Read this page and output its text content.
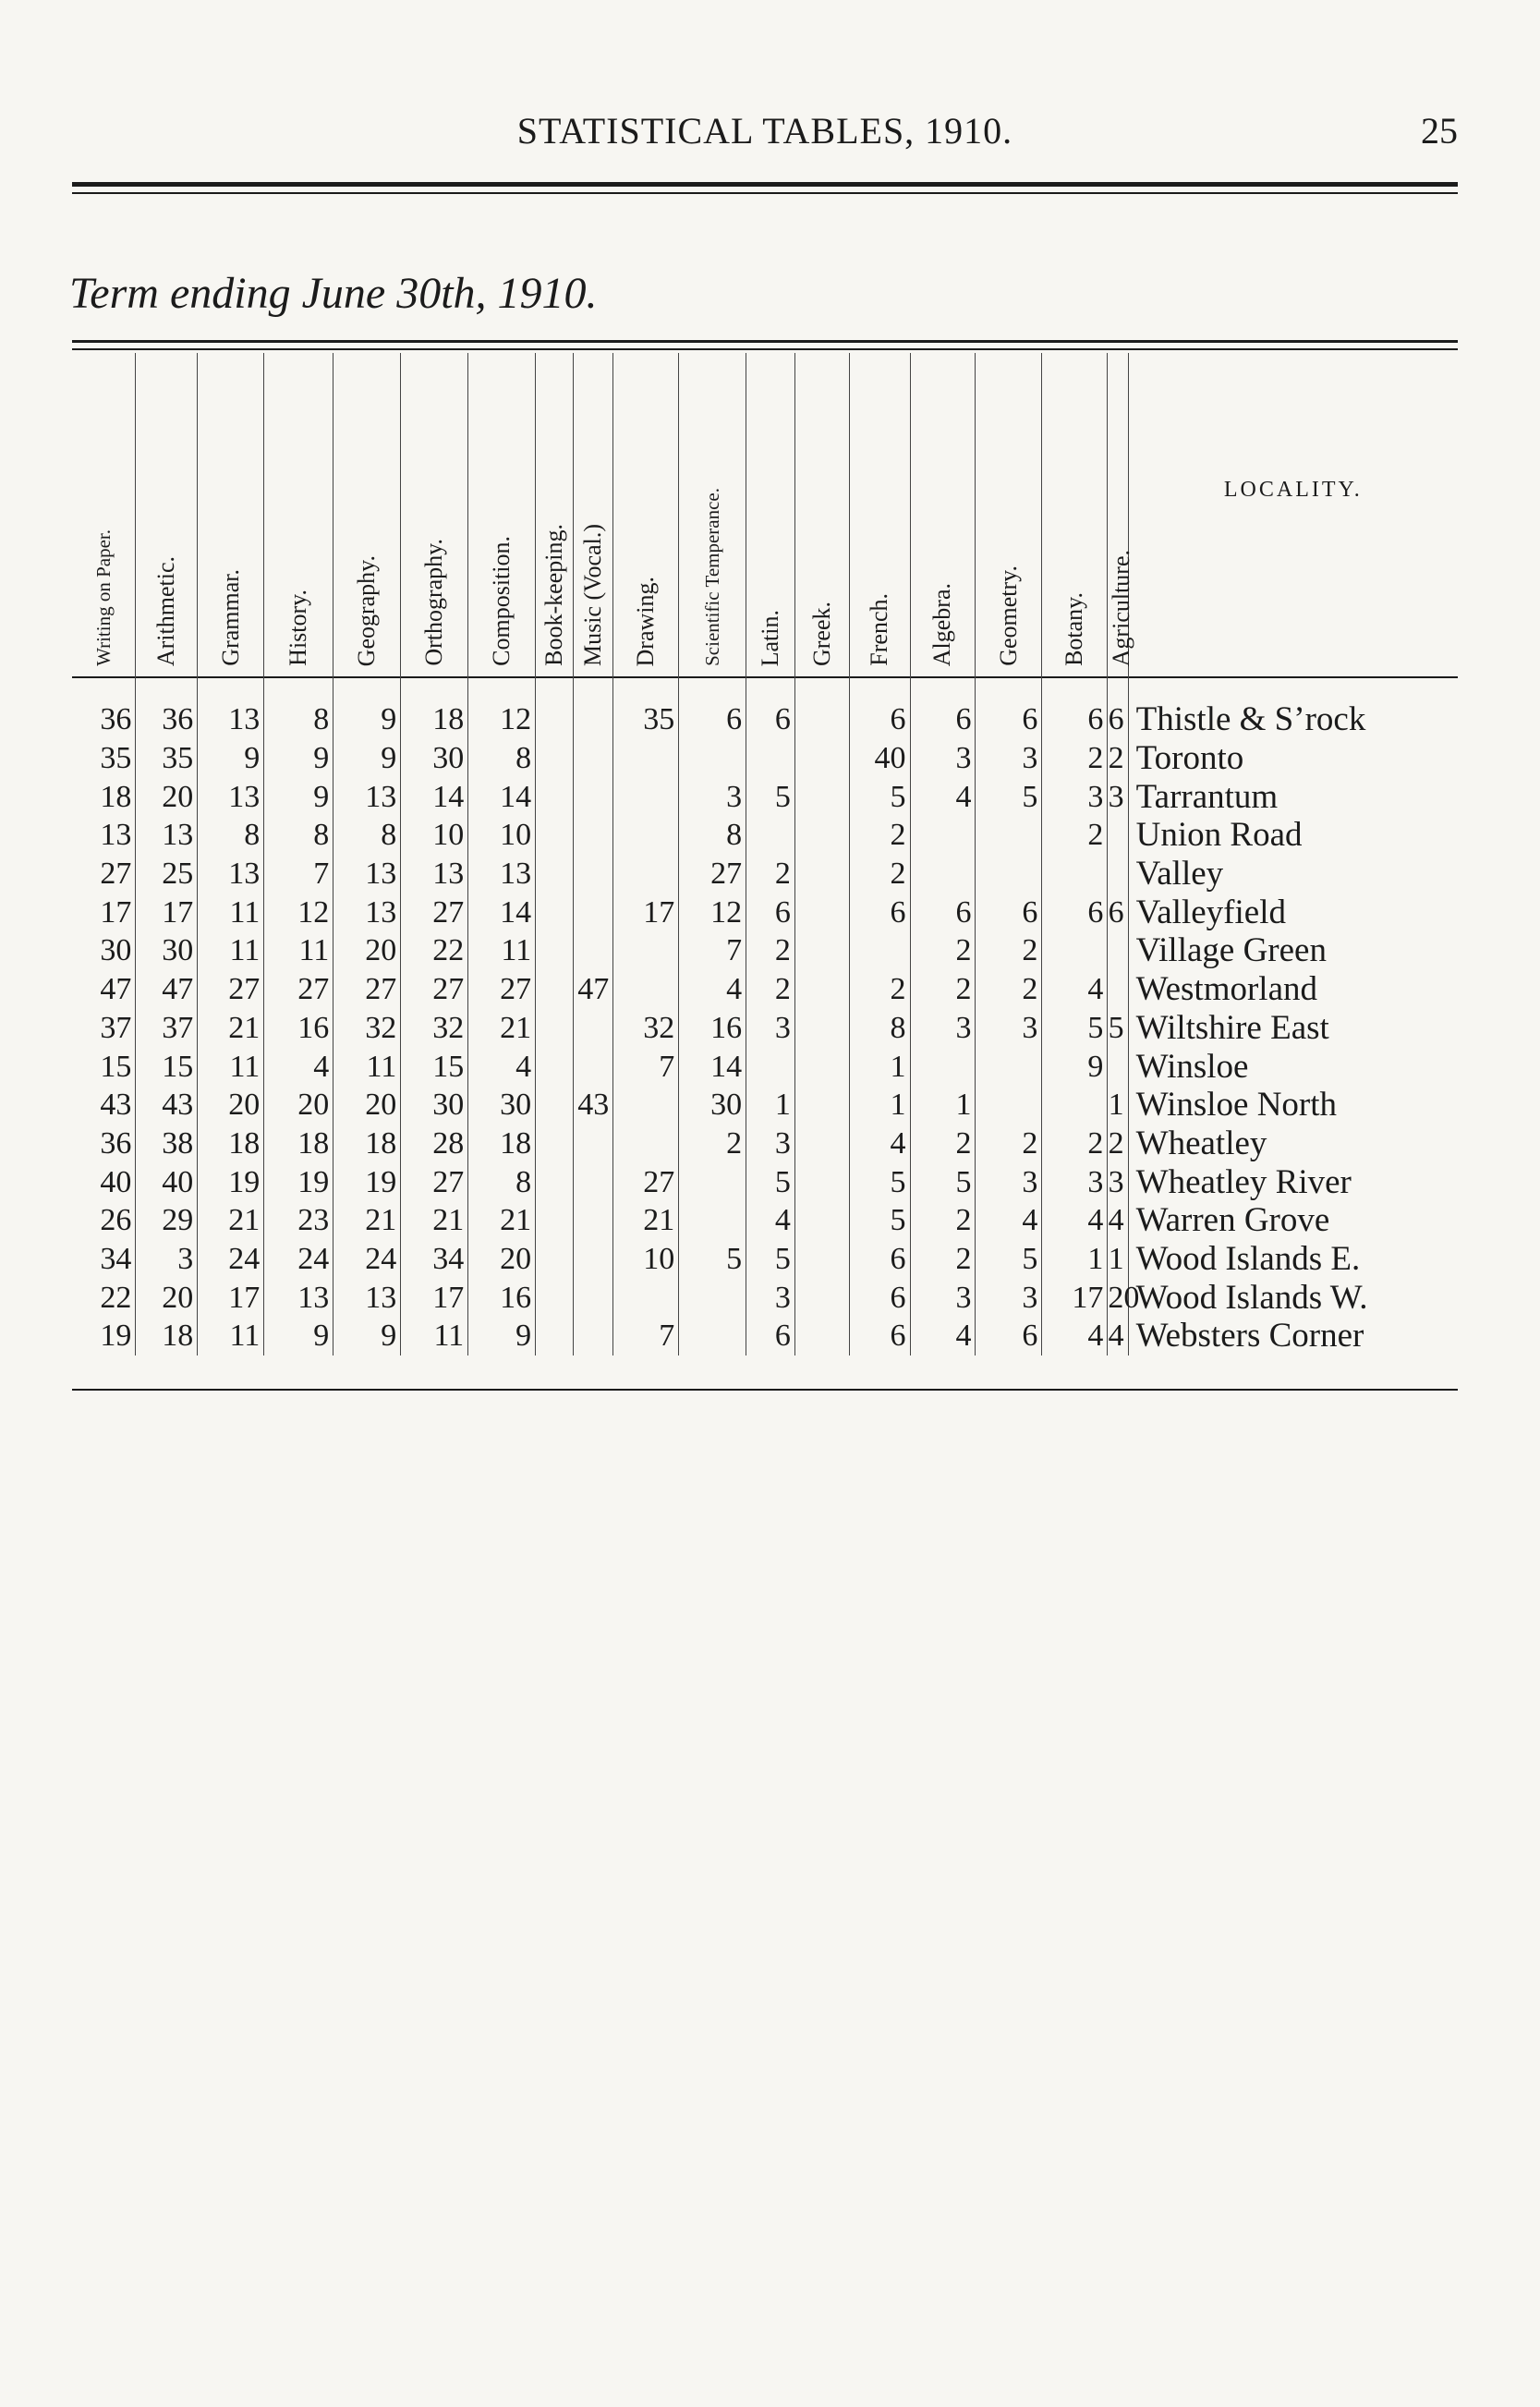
STATISTICAL TABLES, 1910.	25
Term ending June 30th, 1910.
Writing on Paper.	Arithmetic.	Grammar.	History.	Geography.	Orthography.	Composition.	Book-keeping.	Music (Vocal.)	Drawing.	Scientific Temperance.	Latin.	Greek.	French.	Algebra.	Geometry.	Botany.	Agriculture.	LOCALITY.

36	36	13	8	9	18	12			35	6	6		6	6	6	6	6	Thistle & S’rock
35	35	9	9	9	30	8							40	3	3	2	2	Toronto
18	20	13	9	13	14	14				3	5		5	4	5	3	3	Tarrantum
13	13	8	8	8	10	10				8			2			2		Union Road
27	25	13	7	13	13	13				27	2		2					Valley
17	17	11	12	13	27	14			17	12	6		6	6	6	6	6	Valleyfield
30	30	11	11	20	22	11				7	2			2	2			Village Green
47	47	27	27	27	27	27		47		4	2		2	2	2	4		Westmorland
37	37	21	16	32	32	21			32	16	3		8	3	3	5	5	Wiltshire East
15	15	11	4	11	15	4			7	14			1			9		Winsloe
43	43	20	20	20	30	30		43		30	1		1	1			1	Winsloe North
36	38	18	18	18	28	18				2	3		4	2	2	2	2	Wheatley
40	40	19	19	19	27	8			27		5		5	5	3	3	3	Wheatley River
26	29	21	23	21	21	21			21		4		5	2	4	4	4	Warren Grove
34	3	24	24	24	34	20			10	5	5		6	2	5	1	1	Wood Islands E.
22	20	17	13	13	17	16					3		6	3	3	17	20	Wood Islands W.
19	18	11	9	9	11	9			7		6		6	4	6	4	4	Websters Corner
